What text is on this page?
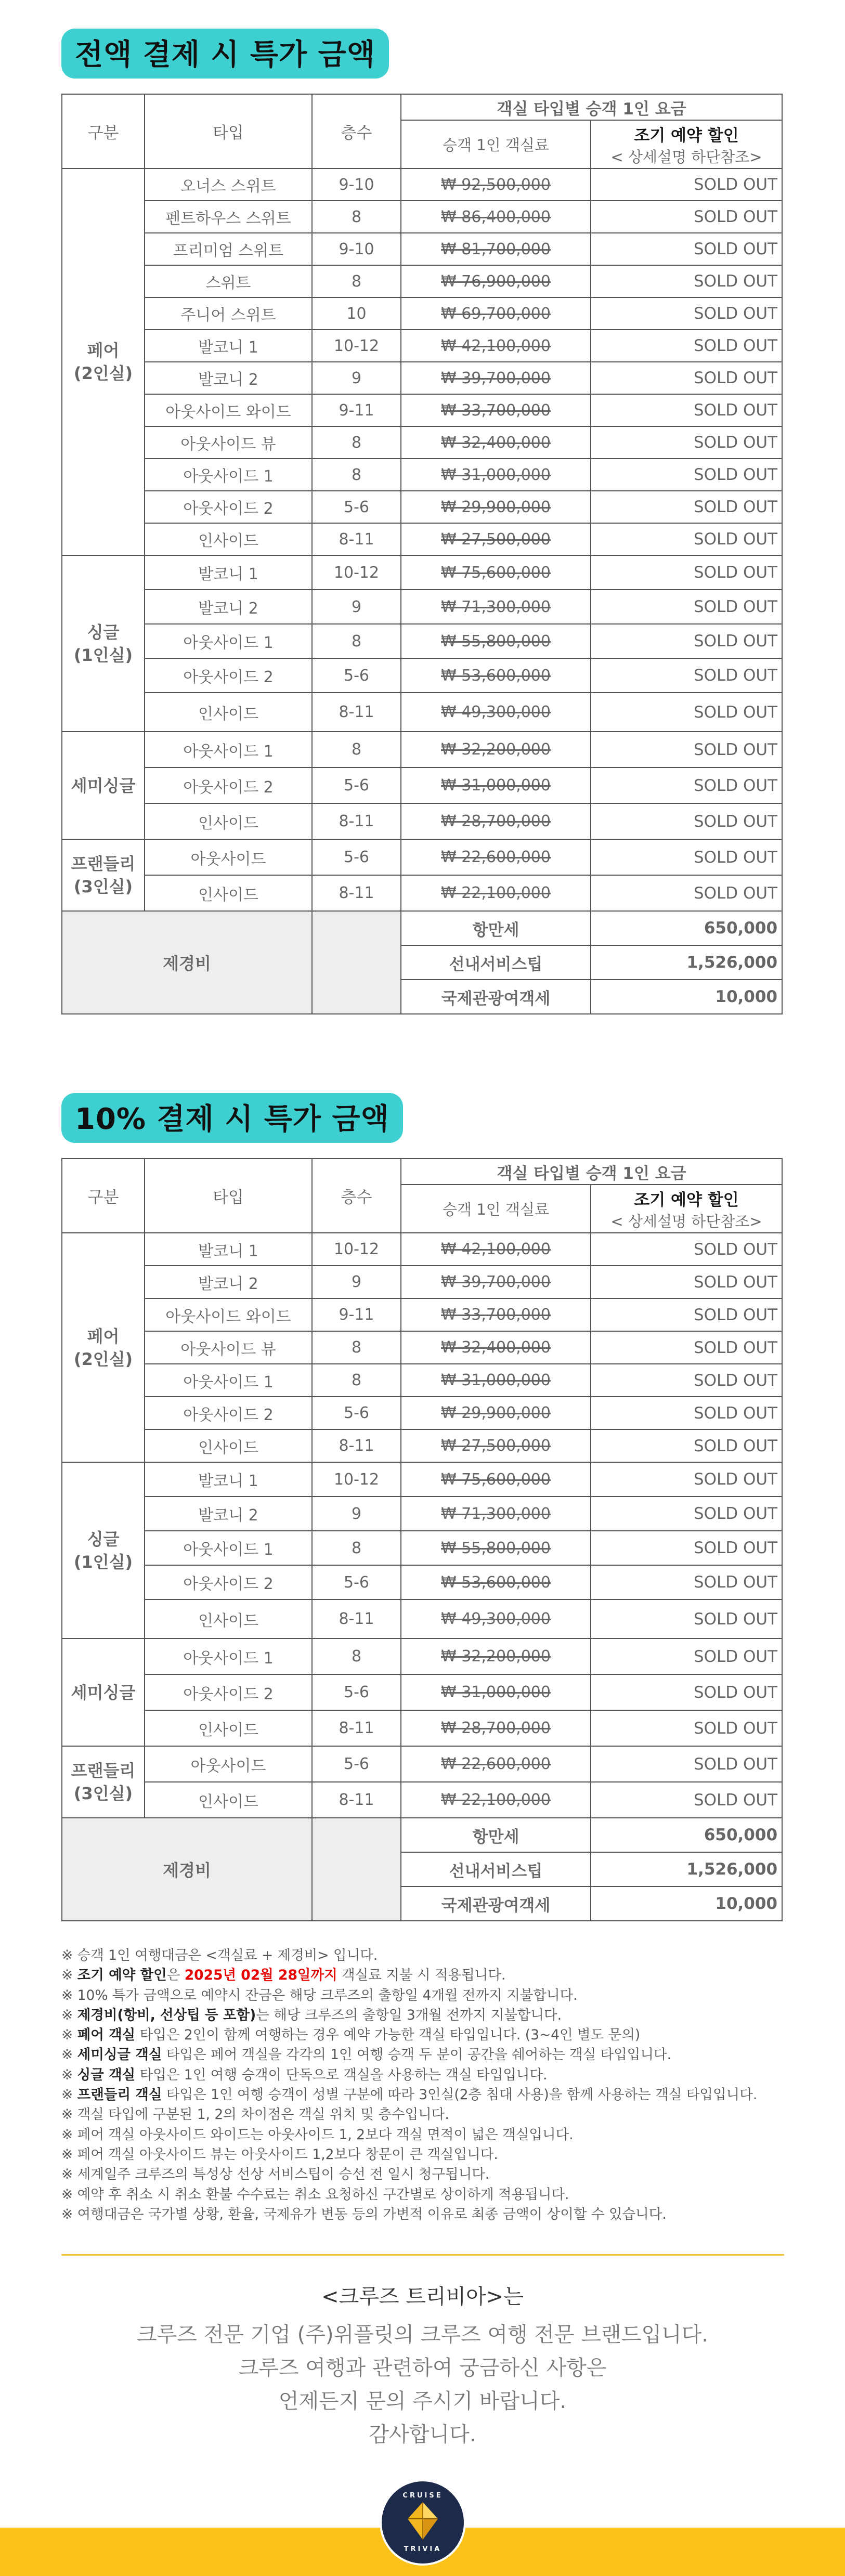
전액 결제 시 특가 금액
구분	타입	층수	객실 타입별 승객 1인 요금	
			승객 1인 객실료	조기 예약 할인
< 상세설명 하단참조>

페어
(2인실)	오너스 스위트	9-10	₩ 92,500,000	SOLD OUT
	펜트하우스 스위트	8	₩ 86,400,000	SOLD OUT
	프리미엄 스위트	9-10	₩ 81,700,000	SOLD OUT
	스위트	8	₩ 76,900,000	SOLD OUT
	주니어 스위트	10	₩ 69,700,000	SOLD OUT
	발코니 1	10-12	₩ 42,100,000	SOLD OUT
	발코니 2	9	₩ 39,700,000	SOLD OUT
	아웃사이드 와이드	9-11	₩ 33,700,000	SOLD OUT
	아웃사이드 뷰	8	₩ 32,400,000	SOLD OUT
	아웃사이드 1	8	₩ 31,000,000	SOLD OUT
	아웃사이드 2	5-6	₩ 29,900,000	SOLD OUT
	인사이드	8-11	₩ 27,500,000	SOLD OUT

싱글
(1인실)	발코니 1	10-12	₩ 75,600,000	SOLD OUT
	발코니 2	9	₩ 71,300,000	SOLD OUT
	아웃사이드 1	8	₩ 55,800,000	SOLD OUT
	아웃사이드 2	5-6	₩ 53,600,000	SOLD OUT
	인사이드	8-11	₩ 49,300,000	SOLD OUT

세미싱글	아웃사이드 1	8	₩ 32,200,000	SOLD OUT
	아웃사이드 2	5-6	₩ 31,000,000	SOLD OUT
	인사이드	8-11	₩ 28,700,000	SOLD OUT

프랜들리
(3인실)	아웃사이드	5-6	₩ 22,600,000	SOLD OUT
	인사이드	8-11	₩ 22,100,000	SOLD OUT
제경비			항만세	650,000
			선내서비스팁	1,526,000
			국제관광여객세	10,000
10% 결제 시 특가 금액
구분	타입	층수	객실 타입별 승객 1인 요금	
			승객 1인 객실료	조기 예약 할인
< 상세설명 하단참조>

페어
(2인실)	발코니 1	10-12	₩ 42,100,000	SOLD OUT
	발코니 2	9	₩ 39,700,000	SOLD OUT
	아웃사이드 와이드	9-11	₩ 33,700,000	SOLD OUT
	아웃사이드 뷰	8	₩ 32,400,000	SOLD OUT
	아웃사이드 1	8	₩ 31,000,000	SOLD OUT
	아웃사이드 2	5-6	₩ 29,900,000	SOLD OUT
	인사이드	8-11	₩ 27,500,000	SOLD OUT

싱글
(1인실)	발코니 1	10-12	₩ 75,600,000	SOLD OUT
	발코니 2	9	₩ 71,300,000	SOLD OUT
	아웃사이드 1	8	₩ 55,800,000	SOLD OUT
	아웃사이드 2	5-6	₩ 53,600,000	SOLD OUT
	인사이드	8-11	₩ 49,300,000	SOLD OUT

세미싱글	아웃사이드 1	8	₩ 32,200,000	SOLD OUT
	아웃사이드 2	5-6	₩ 31,000,000	SOLD OUT
	인사이드	8-11	₩ 28,700,000	SOLD OUT

프랜들리
(3인실)	아웃사이드	5-6	₩ 22,600,000	SOLD OUT
	인사이드	8-11	₩ 22,100,000	SOLD OUT
제경비			항만세	650,000
			선내서비스팁	1,526,000
			국제관광여객세	10,000
※ 승객 1인 여행대금은 <객실료 + 제경비> 입니다.
※ 조기 예약 할인은 2025년 02월 28일까지 객실료 지불 시 적용됩니다.
※ 10% 특가 금액으로 예약시 잔금은 해당 크루즈의 출항일 4개월 전까지 지불합니다.
※ 제경비(항비, 선상팁 등 포함)는 해당 크루즈의 출항일 3개월 전까지 지불합니다.
※ 페어 객실 타입은 2인이 함께 여행하는 경우 예약 가능한 객실 타입입니다. (3~4인 별도 문의)
※ 세미싱글 객실 타입은 페어 객실을 각각의 1인 여행 승객 두 분이 공간을 쉐어하는 객실 타입입니다.
※ 싱글 객실 타입은 1인 여행 승객이 단독으로 객실을 사용하는 객실 타입입니다.
※ 프랜들리 객실 타입은 1인 여행 승객이 성별 구분에 따라 3인실(2층 침대 사용)을 함께 사용하는 객실 타입입니다.
※ 객실 타입에 구분된 1, 2의 차이점은 객실 위치 및 층수입니다.
※ 페어 객실 아웃사이드 와이드는 아웃사이드 1, 2보다 객실 면적이 넓은 객실입니다.
※ 페어 객실 아웃사이드 뷰는 아웃사이드 1,2보다 창문이 큰 객실입니다.
※ 세계일주 크루즈의 특성상 선상 서비스팁이 승선 전 일시 청구됩니다.
※ 예약 후 취소 시 취소 환불 수수료는 취소 요청하신 구간별로 상이하게 적용됩니다.
※ 여행대금은 국가별 상황, 환율, 국제유가 변동 등의 가변적 이유로 최종 금액이 상이할 수 있습니다.
<크루즈 트리비아>는
크루즈 전문 기업 (주)위플릿의 크루즈 여행 전문 브랜드입니다.
크루즈 여행과 관련하여 궁금하신 사항은
언제든지 문의 주시기 바랍니다.
감사합니다.
CRUISE
TRIVIA
